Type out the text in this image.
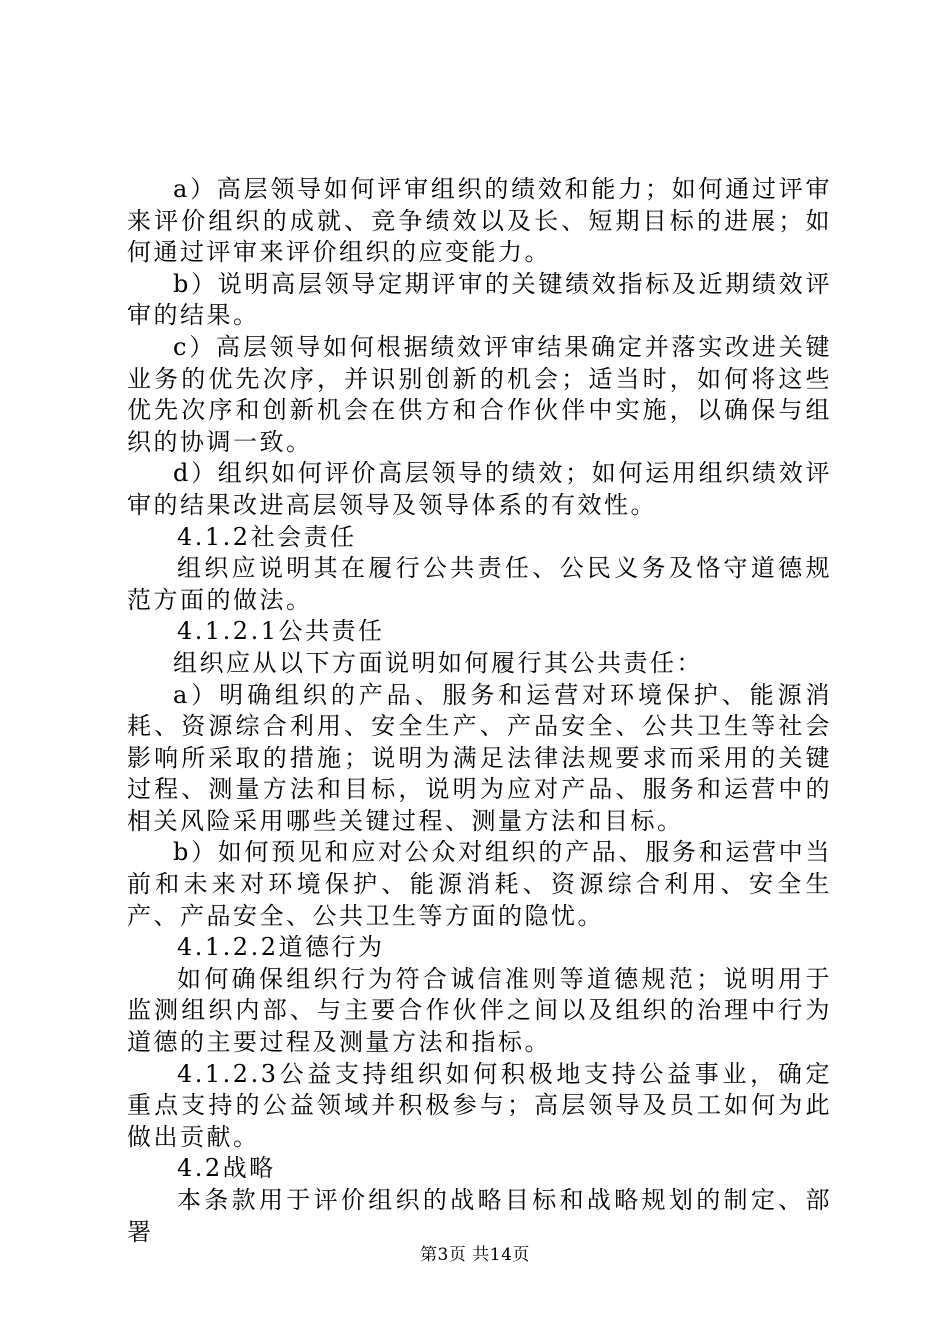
a）高层领导如何评审组织的绩效和能力；如何通过评审来评价组织的成就、竞争绩效以及长、短期目标的进展；如何通过评审来评价组织的应变能力。

b）说明高层领导定期评审的关键绩效指标及近期绩效评审的结果。

c）高层领导如何根据绩效评审结果确定并落实改进关键业务的优先次序，并识别创新的机会；适当时，如何将这些优先次序和创新机会在供方和合作伙伴中实施，以确保与组织的协调一致。

d）组织如何评价高层领导的绩效；如何运用组织绩效评审的结果改进高层领导及领导体系的有效性。

4.1.2社会责任

组织应说明其在履行公共责任、公民义务及恪守道德规范方面的做法。

4.1.2.1公共责任

组织应从以下方面说明如何履行其公共责任：

a）明确组织的产品、服务和运营对环境保护、能源消耗、资源综合利用、安全生产、产品安全、公共卫生等社会影响所采取的措施；说明为满足法律法规要求而采用的关键过程、测量方法和目标，说明为应对产品、服务和运营中的相关风险采用哪些关键过程、测量方法和目标。

b）如何预见和应对公众对组织的产品、服务和运营中当前和未来对环境保护、能源消耗、资源综合利用、安全生产、产品安全、公共卫生等方面的隐忧。

4.1.2.2道德行为

如何确保组织行为符合诚信准则等道德规范；说明用于监测组织内部、与主要合作伙伴之间以及组织的治理中行为道德的主要过程及测量方法和指标。

4.1.2.3公益支持组织如何积极地支持公益事业，确定重点支持的公益领域并积极参与；高层领导及员工如何为此做出贡献。

4.2战略

本条款用于评价组织的战略目标和战略规划的制定、部署

第3页 共14页
